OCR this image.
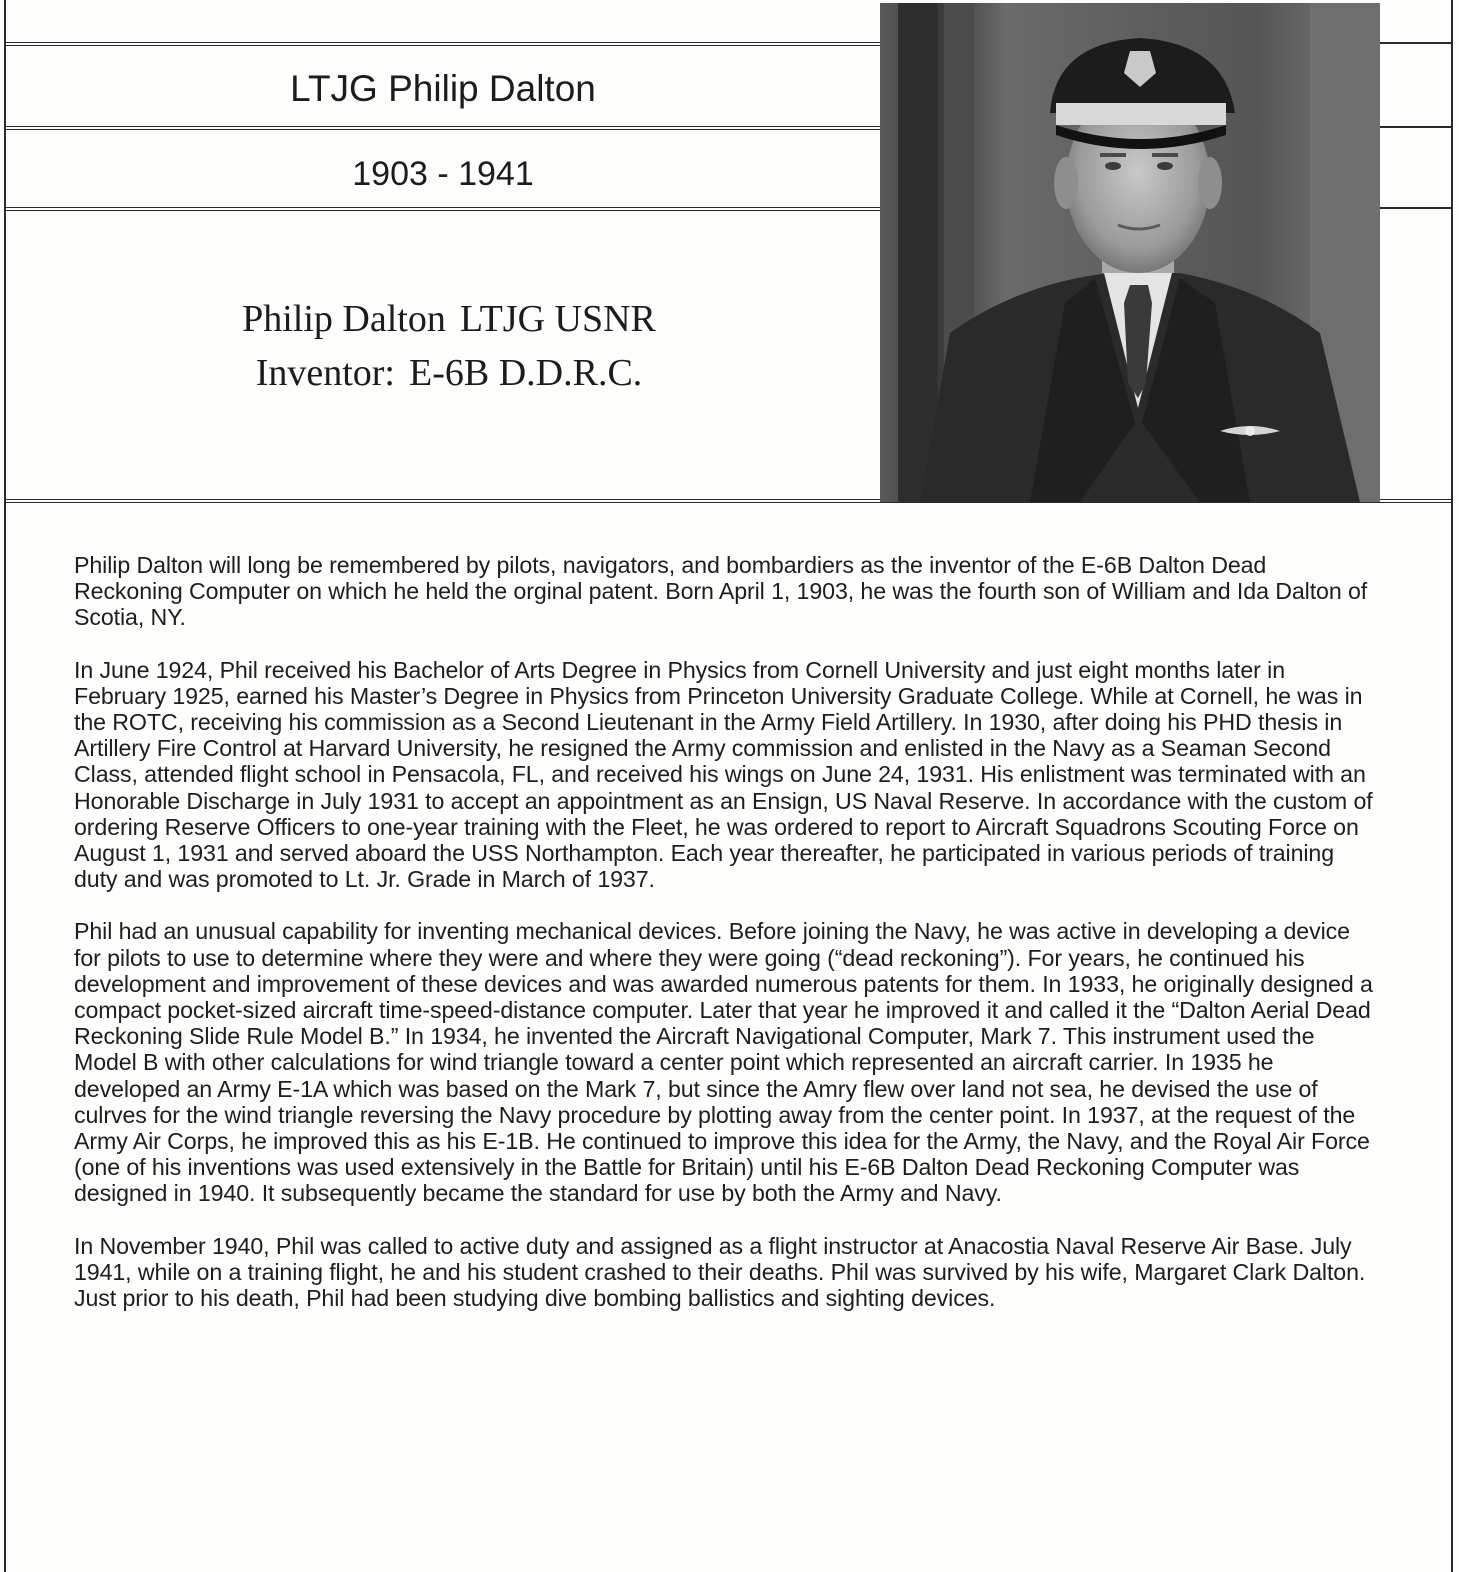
LTJG Philip Dalton
1903 - 1941
Philip Dalton LTJG USNR
Inventor: E-6B D.D.R.C.

Philip Dalton will long be remembered by pilots, navigators, and bombardiers as the inventor of the E-6B Dalton Dead Reckoning Computer on which he held the orginal patent. Born April 1, 1903, he was the fourth son of William and Ida Dalton of Scotia, NY.

In June 1924, Phil received his Bachelor of Arts Degree in Physics from Cornell University and just eight months later in February 1925, earned his Master’s Degree in Physics from Princeton University Graduate College. While at Cornell, he was in the ROTC, receiving his commission as a Second Lieutenant in the Army Field Artillery. In 1930, after doing his PHD thesis in Artillery Fire Control at Harvard University, he resigned the Army commission and enlisted in the Navy as a Seaman Second Class, attended flight school in Pensacola, FL, and received his wings on June 24, 1931. His enlistment was terminated with an Honorable Discharge in July 1931 to accept an appointment as an Ensign, US Naval Reserve. In accordance with the custom of ordering Reserve Officers to one-year training with the Fleet, he was ordered to report to Aircraft Squadrons Scouting Force on August 1, 1931 and served aboard the USS Northampton. Each year thereafter, he participated in various periods of training duty and was promoted to Lt. Jr. Grade in March of 1937.

Phil had an unusual capability for inventing mechanical devices. Before joining the Navy, he was active in developing a device for pilots to use to determine where they were and where they were going (“dead reckoning”). For years, he continued his development and improvement of these devices and was awarded numerous patents for them. In 1933, he originally designed a compact pocket-sized aircraft time-speed-distance computer. Later that year he improved it and called it the “Dalton Aerial Dead Reckoning Slide Rule Model B.” In 1934, he invented the Aircraft Navigational Computer, Mark 7. This instrument used the Model B with other calculations for wind triangle toward a center point which represented an aircraft carrier. In 1935 he developed an Army E-1A which was based on the Mark 7, but since the Amry flew over land not sea, he devised the use of culrves for the wind triangle reversing the Navy procedure by plotting away from the center point. In 1937, at the request of the Army Air Corps, he improved this as his E-1B. He continued to improve this idea for the Army, the Navy, and the Royal Air Force (one of his inventions was used extensively in the Battle for Britain) until his E-6B Dalton Dead Reckoning Computer was designed in 1940. It subsequently became the standard for use by both the Army and Navy.

In November 1940, Phil was called to active duty and assigned as a flight instructor at Anacostia Naval Reserve Air Base. July 1941, while on a training flight, he and his student crashed to their deaths. Phil was survived by his wife, Margaret Clark Dalton. Just prior to his death, Phil had been studying dive bombing ballistics and sighting devices.
